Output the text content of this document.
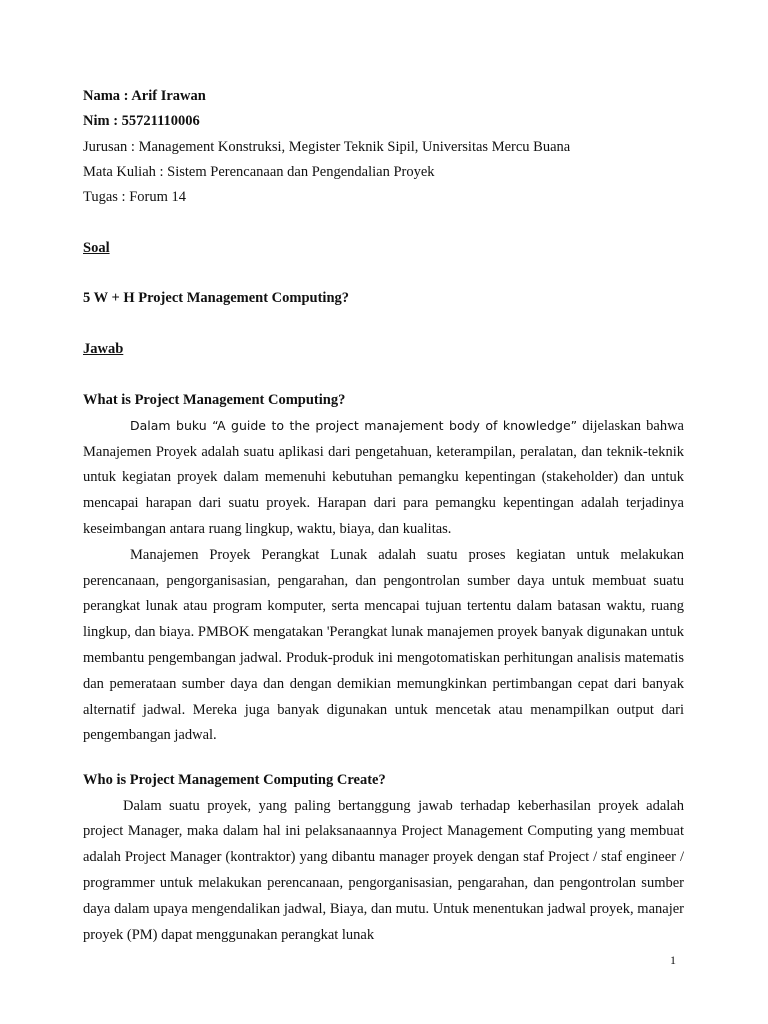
Nama : Arif Irawan
Nim : 55721110006
Jurusan : Management Konstruksi, Megister Teknik Sipil, Universitas Mercu Buana
Mata Kuliah : Sistem Perencanaan dan Pengendalian Proyek
Tugas : Forum 14
Soal
5 W + H Project Management Computing?
Jawab
What is Project Management Computing?

Dalam buku “A guide to the project manajement body of knowledge” dijelaskan bahwa Manajemen Proyek adalah suatu aplikasi dari pengetahuan, keterampilan, peralatan, dan teknik-teknik untuk kegiatan proyek dalam memenuhi kebutuhan pemangku kepentingan (stakeholder) dan untuk mencapai harapan dari suatu proyek. Harapan dari para pemangku kepentingan adalah terjadinya keseimbangan antara ruang lingkup, waktu, biaya, dan kualitas.

Manajemen Proyek Perangkat Lunak adalah suatu proses kegiatan untuk melakukan perencanaan, pengorganisasian, pengarahan, dan pengontrolan sumber daya untuk membuat suatu perangkat lunak atau program komputer, serta mencapai tujuan tertentu dalam batasan waktu, ruang lingkup, dan biaya. PMBOK mengatakan 'Perangkat lunak manajemen proyek banyak digunakan untuk membantu pengembangan jadwal. Produk-produk ini mengotomatiskan perhitungan analisis matematis dan pemerataan sumber daya dan dengan demikian memungkinkan pertimbangan cepat dari banyak alternatif jadwal. Mereka juga banyak digunakan untuk mencetak atau menampilkan output dari pengembangan jadwal.

Who is Project Management Computing Create?

Dalam suatu proyek, yang paling bertanggung jawab terhadap keberhasilan proyek adalah project Manager, maka dalam hal ini pelaksanaannya Project Management Computing yang membuat adalah Project Manager (kontraktor) yang dibantu manager proyek dengan staf Project / staf engineer / programmer untuk melakukan perencanaan, pengorganisasian, pengarahan, dan pengontrolan sumber daya dalam upaya mengendalikan jadwal, Biaya, dan mutu. Untuk menentukan jadwal proyek, manajer proyek (PM) dapat menggunakan perangkat lunak

1
